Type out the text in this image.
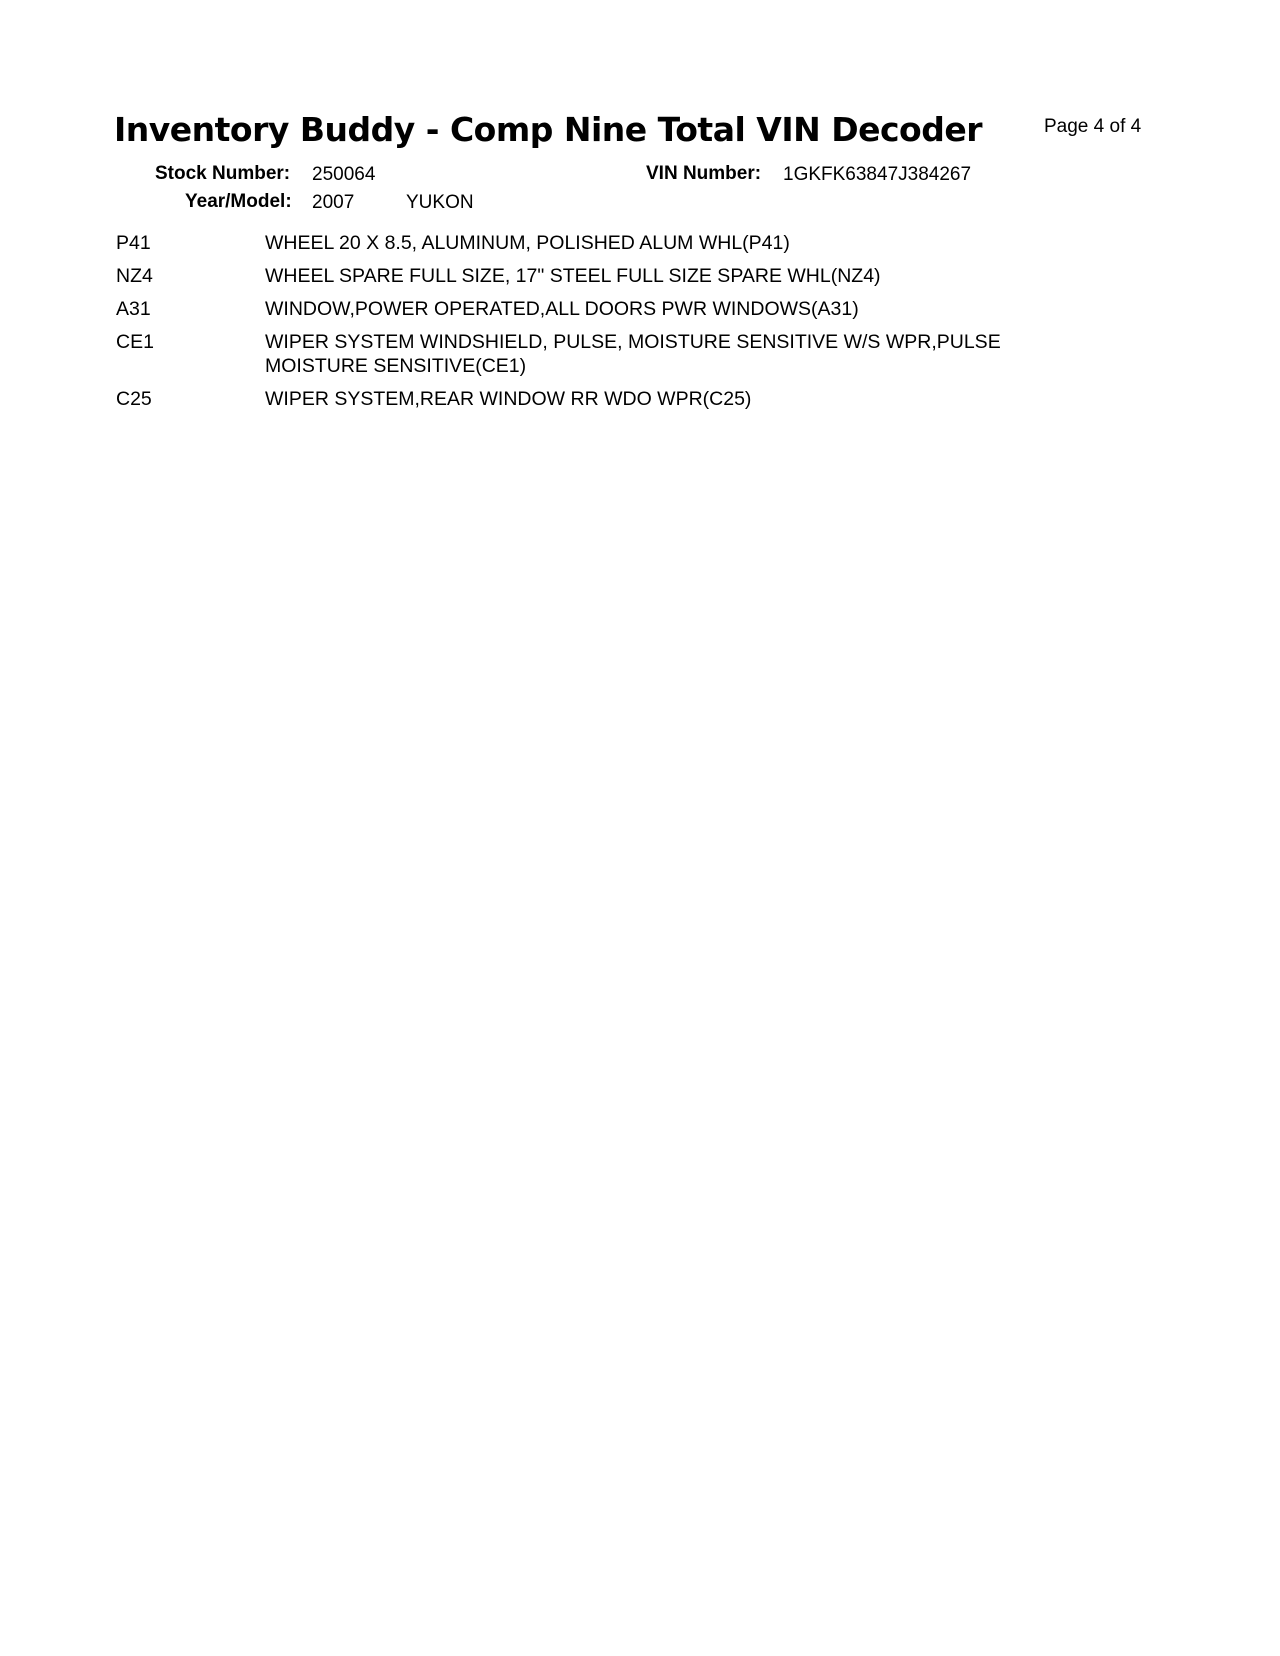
Inventory Buddy - Comp Nine Total VIN Decoder	Page 4 of 4
Stock Number: 250064	VIN Number: 1GKFK63847J384267
Year/Model: 2007	YUKON
P41	WHEEL 20 X 8.5, ALUMINUM, POLISHED ALUM WHL(P41)
NZ4	WHEEL SPARE FULL SIZE, 17" STEEL FULL SIZE SPARE WHL(NZ4)
A31	WINDOW,POWER OPERATED,ALL DOORS PWR WINDOWS(A31)
CE1	WIPER SYSTEM WINDSHIELD, PULSE, MOISTURE SENSITIVE W/S WPR,PULSE MOISTURE SENSITIVE(CE1)
C25	WIPER SYSTEM,REAR WINDOW RR WDO WPR(C25)
